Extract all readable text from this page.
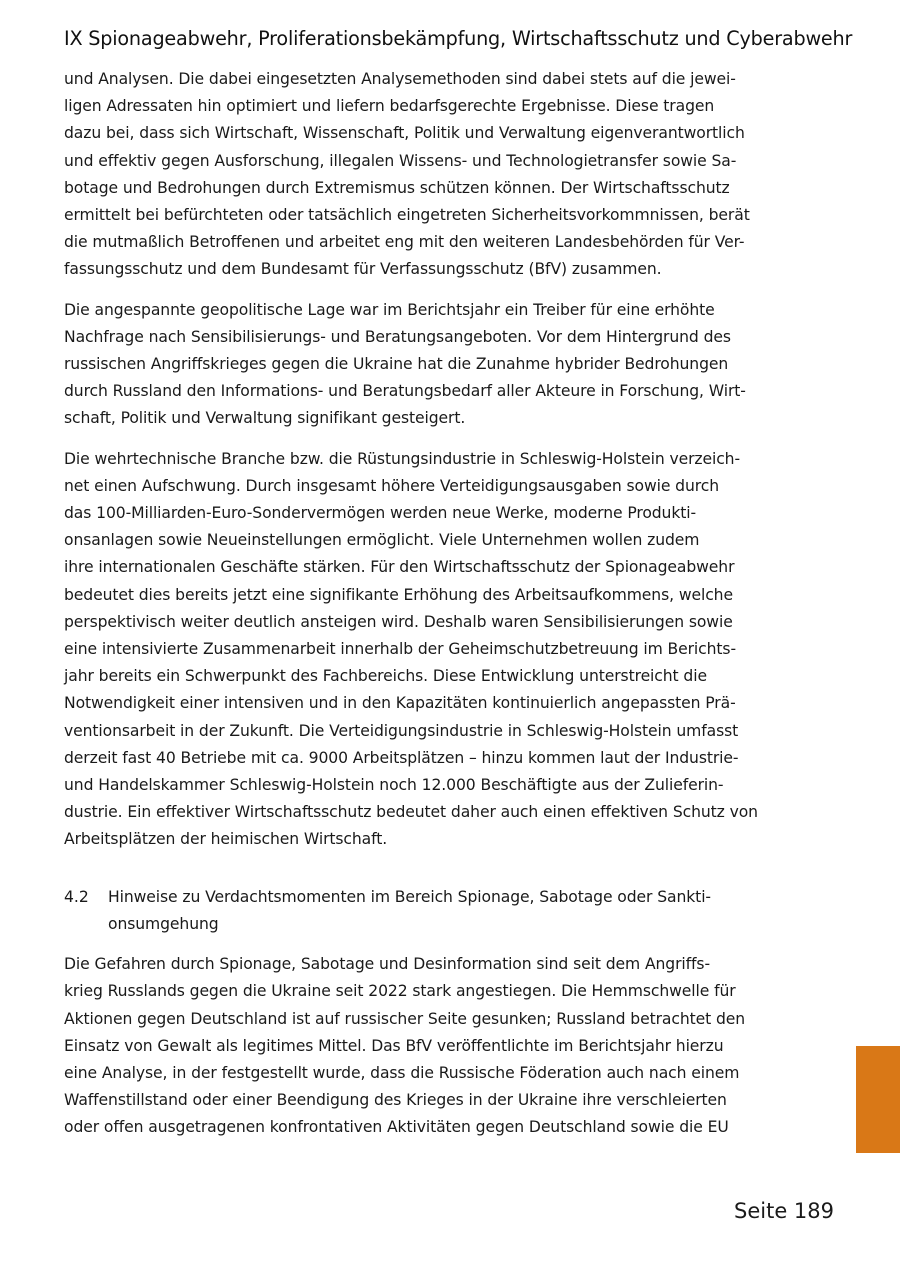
IX Spionageabwehr, Proliferationsbekämpfung, Wirtschaftsschutz und Cyberabwehr
und Analysen. Die dabei eingesetzten Analysemethoden sind dabei stets auf die jewei-
ligen Adressaten hin optimiert und liefern bedarfsgerechte Ergebnisse. Diese tragen
dazu bei, dass sich Wirtschaft, Wissenschaft, Politik und Verwaltung eigenverantwortlich
und effektiv gegen Ausforschung, illegalen Wissens- und Technologietransfer sowie Sa-
botage und Bedrohungen durch Extremismus schützen können. Der Wirtschaftsschutz
ermittelt bei befürchteten oder tatsächlich eingetreten Sicherheitsvorkommnissen, berät
die mutmaßlich Betroffenen und arbeitet eng mit den weiteren Landesbehörden für Ver-
fassungsschutz und dem Bundesamt für Verfassungsschutz (BfV) zusammen.
Die angespannte geopolitische Lage war im Berichtsjahr ein Treiber für eine erhöhte
Nachfrage nach Sensibilisierungs- und Beratungsangeboten. Vor dem Hintergrund des
russischen Angriffskrieges gegen die Ukraine hat die Zunahme hybrider Bedrohungen
durch Russland den Informations- und Beratungsbedarf aller Akteure in Forschung, Wirt-
schaft, Politik und Verwaltung signifikant gesteigert.
Die wehrtechnische Branche bzw. die Rüstungsindustrie in Schleswig-Holstein verzeich-
net einen Aufschwung. Durch insgesamt höhere Verteidigungsausgaben sowie durch
das 100-Milliarden-Euro-Sondervermögen werden neue Werke, moderne Produkti-
onsanlagen sowie Neueinstellungen ermöglicht. Viele Unternehmen wollen zudem
ihre internationalen Geschäfte stärken. Für den Wirtschaftsschutz der Spionageabwehr
bedeutet dies bereits jetzt eine signifikante Erhöhung des Arbeitsaufkommens, welche
perspektivisch weiter deutlich ansteigen wird. Deshalb waren Sensibilisierungen sowie
eine intensivierte Zusammenarbeit innerhalb der Geheimschutzbetreuung im Berichts-
jahr bereits ein Schwerpunkt des Fachbereichs. Diese Entwicklung unterstreicht die
Notwendigkeit einer intensiven und in den Kapazitäten kontinuierlich angepassten Prä-
ventionsarbeit in der Zukunft. Die Verteidigungsindustrie in Schleswig-Holstein umfasst
derzeit fast 40 Betriebe mit ca. 9000 Arbeitsplätzen – hinzu kommen laut der Industrie-
und Handelskammer Schleswig-Holstein noch 12.000 Beschäftigte aus der Zulieferin-
dustrie. Ein effektiver Wirtschaftsschutz bedeutet daher auch einen effektiven Schutz von
Arbeitsplätzen der heimischen Wirtschaft.
4.2	Hinweise zu Verdachtsmomenten im Bereich Spionage, Sabotage oder Sankti-
onsumgehung
Die Gefahren durch Spionage, Sabotage und Desinformation sind seit dem Angriffs-
krieg Russlands gegen die Ukraine seit 2022 stark angestiegen. Die Hemmschwelle für
Aktionen gegen Deutschland ist auf russischer Seite gesunken; Russland betrachtet den
Einsatz von Gewalt als legitimes Mittel. Das BfV veröffentlichte im Berichtsjahr hierzu
eine Analyse, in der festgestellt wurde, dass die Russische Föderation auch nach einem
Waffenstillstand oder einer Beendigung des Krieges in der Ukraine ihre verschleierten
oder offen ausgetragenen konfrontativen Aktivitäten gegen Deutschland sowie die EU
Seite 189
